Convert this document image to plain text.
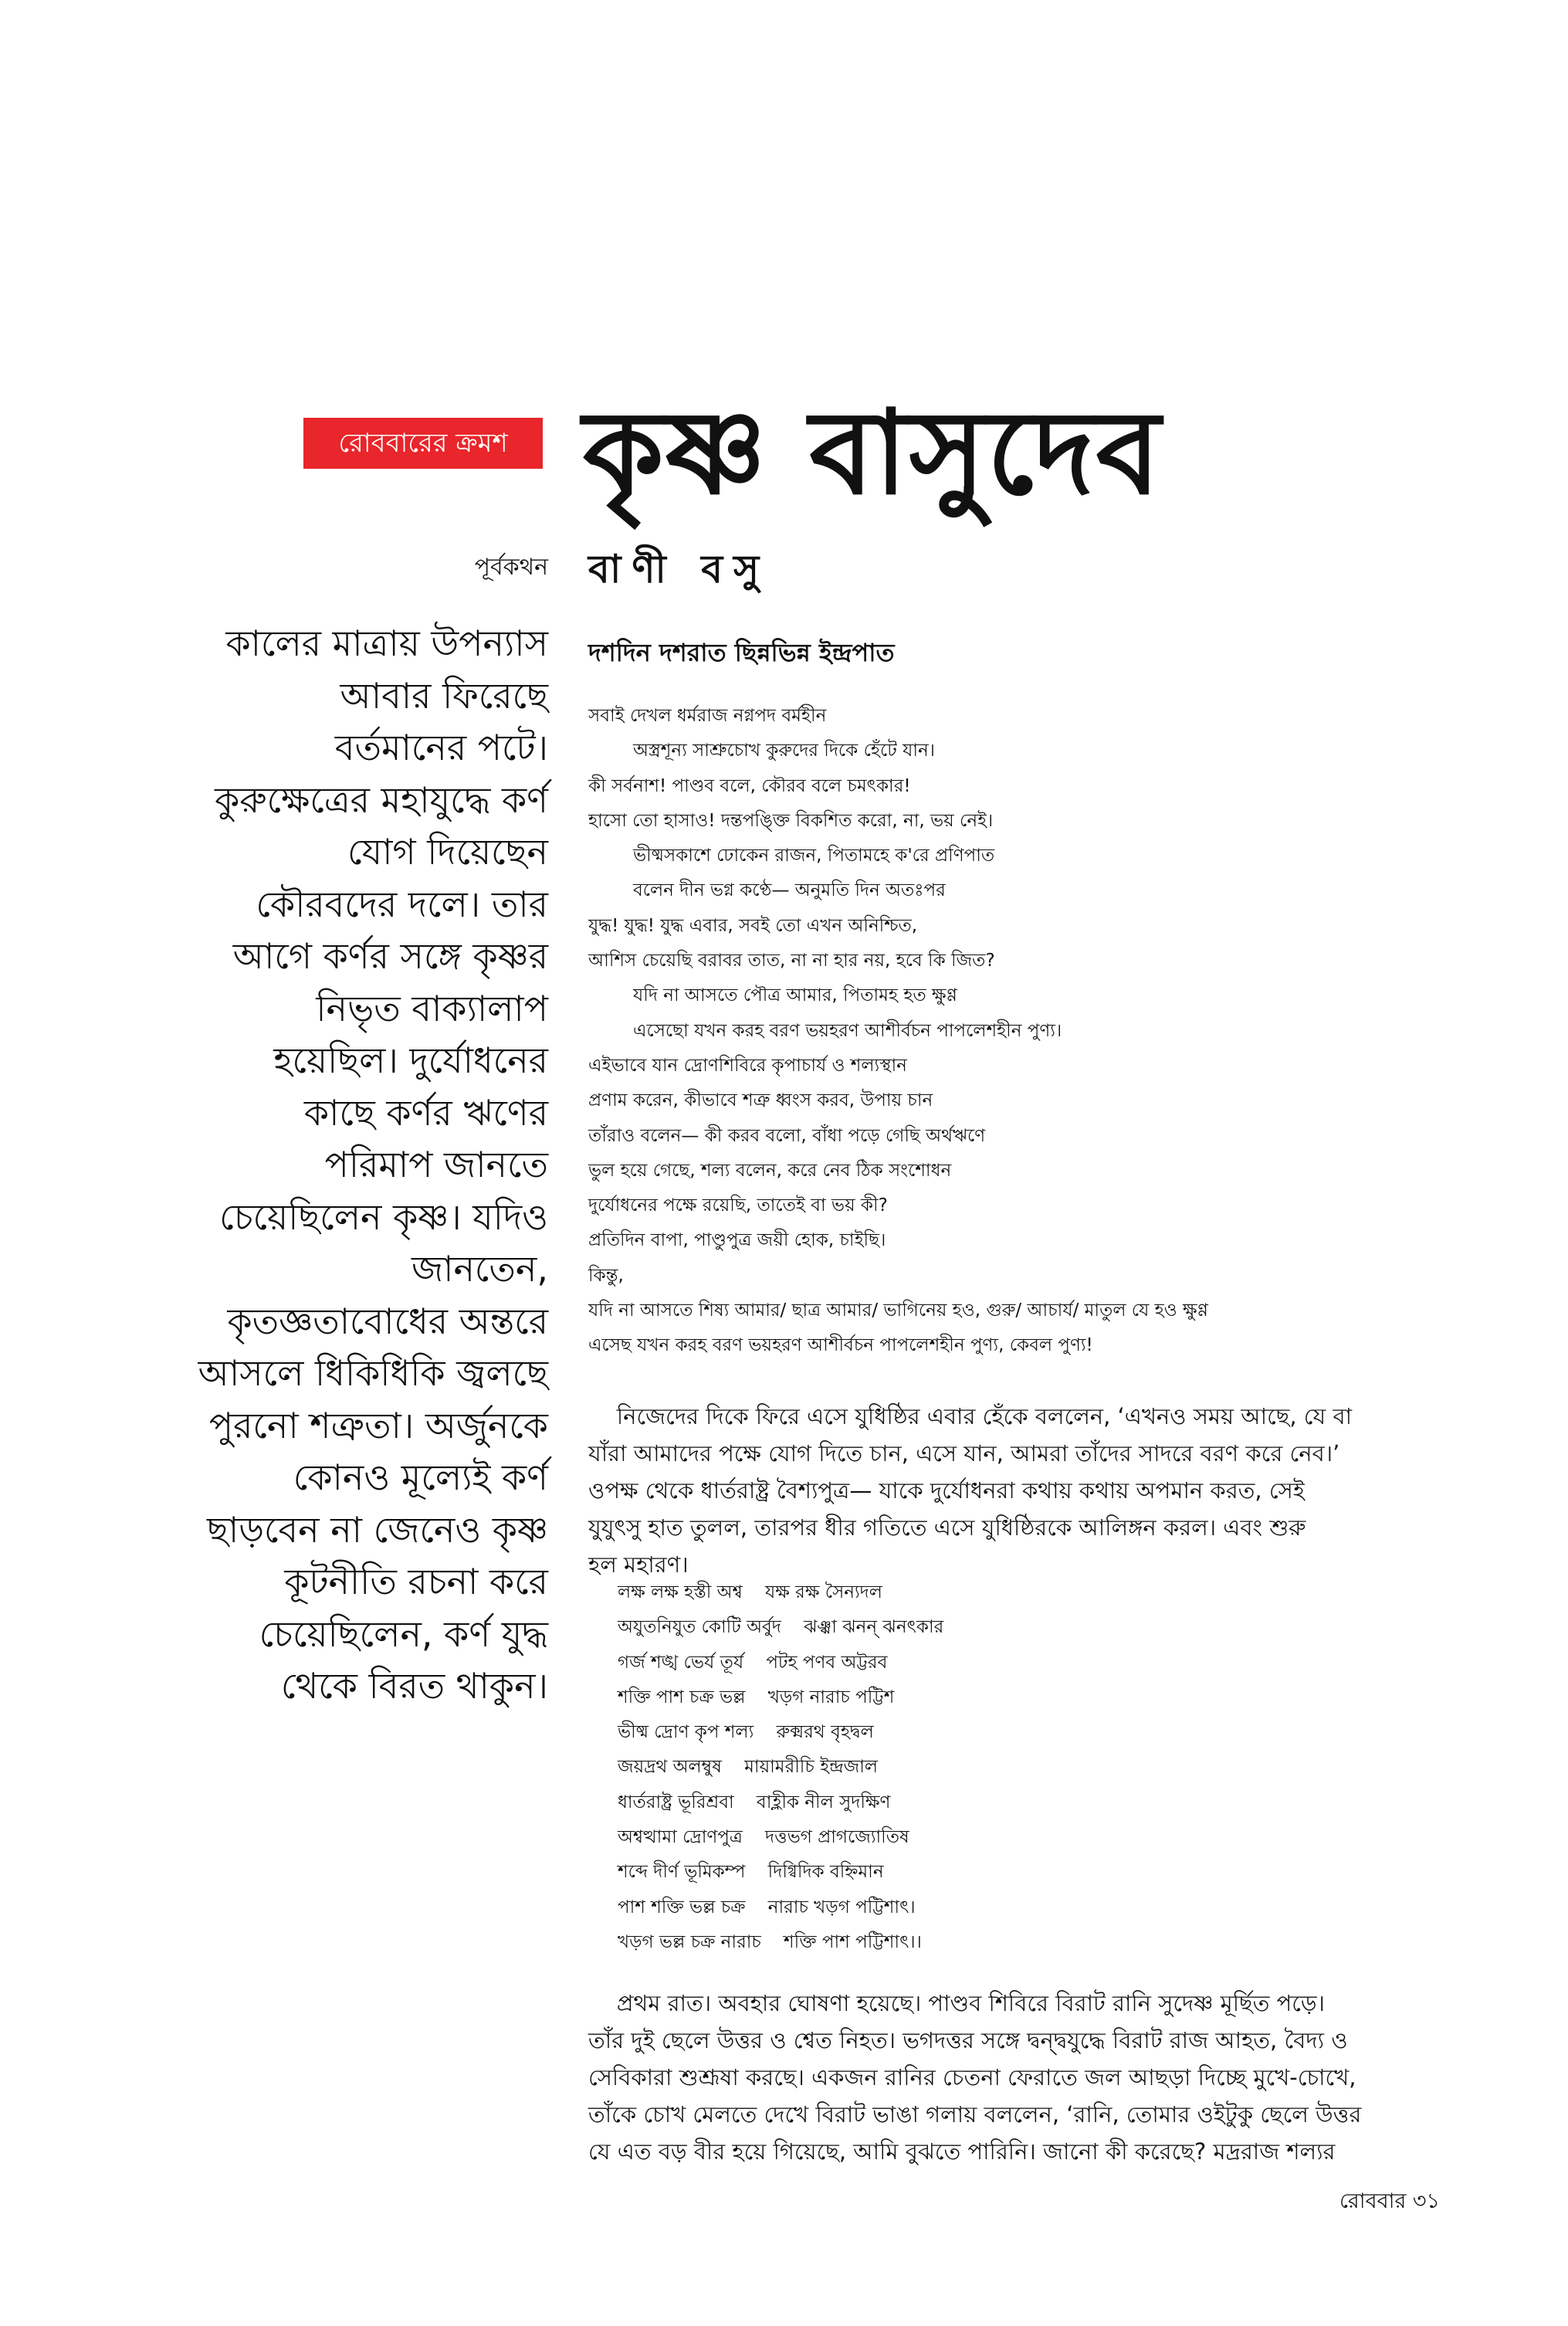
রোববারের ক্রমশ কৃষ্ণ বাসুদেব
পূর্বকথন বাণী বসু
কালের মাত্রায় উপন্যাস
আবার ফিরেছে
বর্তমানের পটে।
কুরুক্ষেত্রের মহাযুদ্ধে কর্ণ
যোগ দিয়েছেন
কৌরবদের দলে। তার
আগে কর্ণর সঙ্গে কৃষ্ণর
নিভৃত বাক্যালাপ
হয়েছিল। দুর্যোধনের
কাছে কর্ণর ঋণের
পরিমাপ জানতে
চেয়েছিলেন কৃষ্ণ। যদিও
জানতেন,
কৃতজ্ঞতাবোধের অন্তরে
আসলে ধিকিধিকি জ্বলছে
পুরনো শত্রুতা। অর্জুনকে
কোনও মূল্যেই কর্ণ
ছাড়বেন না জেনেও কৃষ্ণ
কূটনীতি রচনা করে
চেয়েছিলেন, কর্ণ যুদ্ধ
থেকে বিরত থাকুন।
দশদিন দশরাত ছিন্নভিন্ন ইন্দ্রপাত
সবাই দেখল ধর্মরাজ নগ্নপদ বর্মহীন
অস্ত্রশূন্য সাশ্রুচোখ কুরুদের দিকে হেঁটে যান।
কী সর্বনাশ! পাণ্ডব বলে, কৌরব বলে চমৎকার!
হাসো তো হাসাও! দন্তপঙ্ক্তি বিকশিত করো, না, ভয় নেই।
ভীষ্মসকাশে ঢোকেন রাজন, পিতামহে ক'রে প্রণিপাত
বলেন দীন ভগ্ন কণ্ঠে— অনুমতি দিন অতঃপর
যুদ্ধ! যুদ্ধ! যুদ্ধ এবার, সবই তো এখন অনিশ্চিত,
আশিস চেয়েছি বরাবর তাত, না না হার নয়, হবে কি জিত?
যদি না আসতে পৌত্র আমার, পিতামহ হত ক্ষুণ্ণ
এসেছো যখন করহ বরণ ভয়হরণ আশীর্বচন পাপলেশহীন পুণ্য।
এইভাবে যান দ্রোণশিবিরে কৃপাচার্য ও শল্যস্থান
প্রণাম করেন, কীভাবে শত্রু ধ্বংস করব, উপায় চান
তাঁরাও বলেন— কী করব বলো, বাঁধা পড়ে গেছি অর্থঋণে
ভুল হয়ে গেছে, শল্য বলেন, করে নেব ঠিক সংশোধন
দুর্যোধনের পক্ষে রয়েছি, তাতেই বা ভয় কী?
প্রতিদিন বাপা, পাণ্ডুপুত্র জয়ী হোক, চাইছি।
কিন্তু,
যদি না আসতে শিষ্য আমার/ ছাত্র আমার/ ভাগিনেয় হও, গুরু/ আচার্য/ মাতুল যে হও ক্ষুণ্ণ
এসেছ যখন করহ বরণ ভয়হরণ আশীর্বচন পাপলেশহীন পুণ্য, কেবল পুণ্য!
নিজেদের দিকে ফিরে এসে যুধিষ্ঠির এবার হেঁকে বললেন, ‘এখনও সময় আছে, যে বা
যাঁরা আমাদের পক্ষে যোগ দিতে চান, এসে যান, আমরা তাঁদের সাদরে বরণ করে নেব।’
ওপক্ষ থেকে ধার্তরাষ্ট্র বৈশ্যপুত্র— যাকে দুর্যোধনরা কথায় কথায় অপমান করত, সেই
যুযুৎসু হাত তুলল, তারপর ধীর গতিতে এসে যুধিষ্ঠিরকে আলিঙ্গন করল। এবং শুরু
হল মহারণ।
লক্ষ লক্ষ হস্তী অশ্ব    যক্ষ রক্ষ সৈন্যদল
অযুতনিযুত কোটি অর্বুদ    ঝঞ্ঝা ঝনন্‌ ঝনৎকার
গর্জ শঙ্খ ভের্য তূর্য    পটহ পণব অট্টরব
শক্তি পাশ চক্র ভল্ল    খড়গ নারাচ পট্টিশ
ভীষ্ম দ্রোণ কৃপ শল্য    রুক্মরথ বৃহদ্বল
জয়দ্রথ অলম্বুষ    মায়ামরীচি ইন্দ্রজাল
ধার্তরাষ্ট্র ভূরিশ্রবা    বাহ্লীক নীল সুদক্ষিণ
অশ্বত্থামা দ্রোণপুত্র    দত্তভগ প্রাগজ্যোতিষ
শব্দে দীর্ণ ভূমিকম্প    দিগ্বিদিক বহ্নিমান
পাশ শক্তি ভল্ল চক্র    নারাচ খড়গ পট্টিশাৎ।
খড়গ ভল্ল চক্র নারাচ    শক্তি পাশ পট্টিশাৎ।।
প্রথম রাত। অবহার ঘোষণা হয়েছে। পাণ্ডব শিবিরে বিরাট রানি সুদেষ্ণ মূর্ছিত পড়ে।
তাঁর দুই ছেলে উত্তর ও শ্বেত নিহত। ভগদত্তর সঙ্গে দ্বন্দ্বযুদ্ধে বিরাট রাজ আহত, বৈদ্য ও
সেবিকারা শুশ্রূষা করছে। একজন রানির চেতনা ফেরাতে জল আছড়া দিচ্ছে মুখে-চোখে,
তাঁকে চোখ মেলতে দেখে বিরাট ভাঙা গলায় বললেন, ‘রানি, তোমার ওইটুকু ছেলে উত্তর
যে এত বড় বীর হয়ে গিয়েছে, আমি বুঝতে পারিনি। জানো কী করেছে? মদ্ররাজ শল্যর
রোববার ৩১
